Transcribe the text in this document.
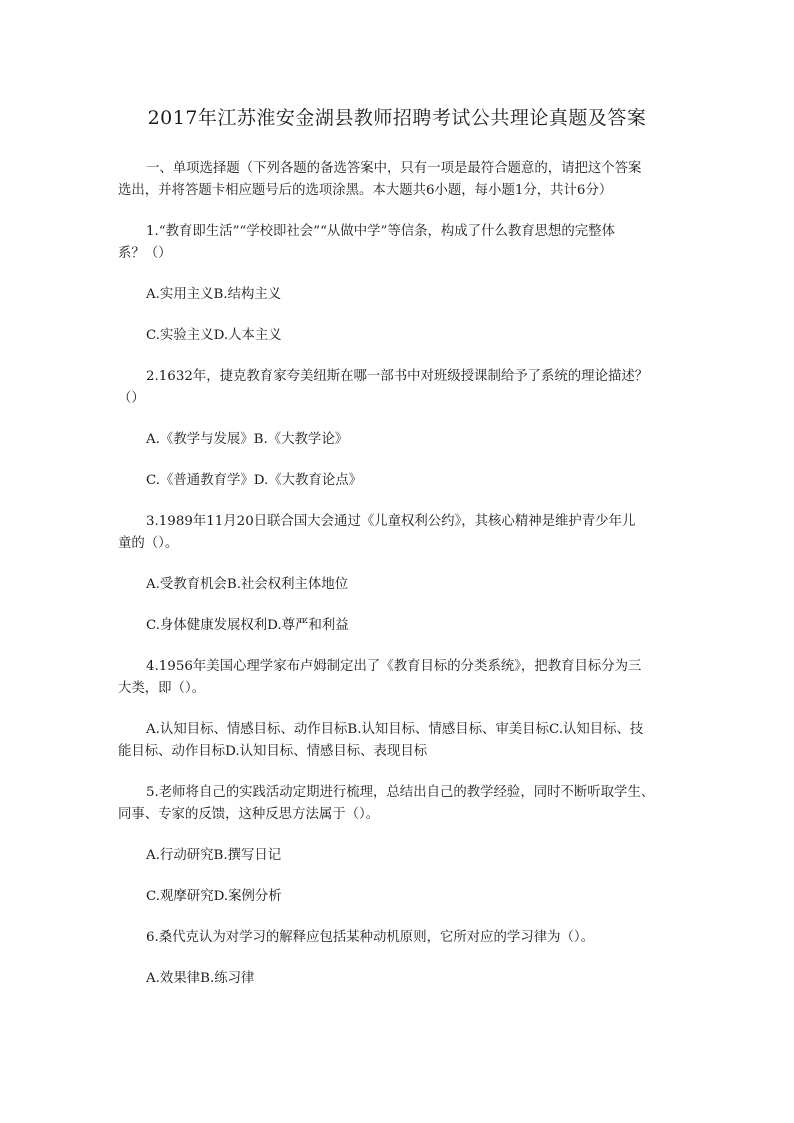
2017年江苏淮安金湖县教师招聘考试公共理论真题及答案
一、单项选择题（下列各题的备选答案中，只有一项是最符合题意的，请把这个答案
选出，并将答题卡相应题号后的选项涂黑。本大题共6小题，每小题1分，共计6分）
1.“教育即生活”“学校即社会”“从做中学”等信条，构成了什么教育思想的完整体
系？（）
A.实用主义B.结构主义
C.实验主义D.人本主义
2.1632年，捷克教育家夸美纽斯在哪一部书中对班级授课制给予了系统的理论描述？
（）
A.《教学与发展》B.《大教学论》
C.《普通教育学》D.《大教育论点》
3.1989年11月20日联合国大会通过《儿童权利公约》，其核心精神是维护青少年儿
童的（）。
A.受教育机会B.社会权利主体地位
C.身体健康发展权利D.尊严和利益
4.1956年美国心理学家布卢姆制定出了《教育目标的分类系统》，把教育目标分为三
大类，即（）。
A.认知目标、情感目标、动作目标B.认知目标、情感目标、审美目标C.认知目标、技
能目标、动作目标D.认知目标、情感目标、表现目标
5.老师将自己的实践活动定期进行梳理，总结出自己的教学经验，同时不断听取学生、
同事、专家的反馈，这种反思方法属于（）。
A.行动研究B.撰写日记
C.观摩研究D.案例分析
6.桑代克认为对学习的解释应包括某种动机原则，它所对应的学习律为（）。
A.效果律B.练习律
